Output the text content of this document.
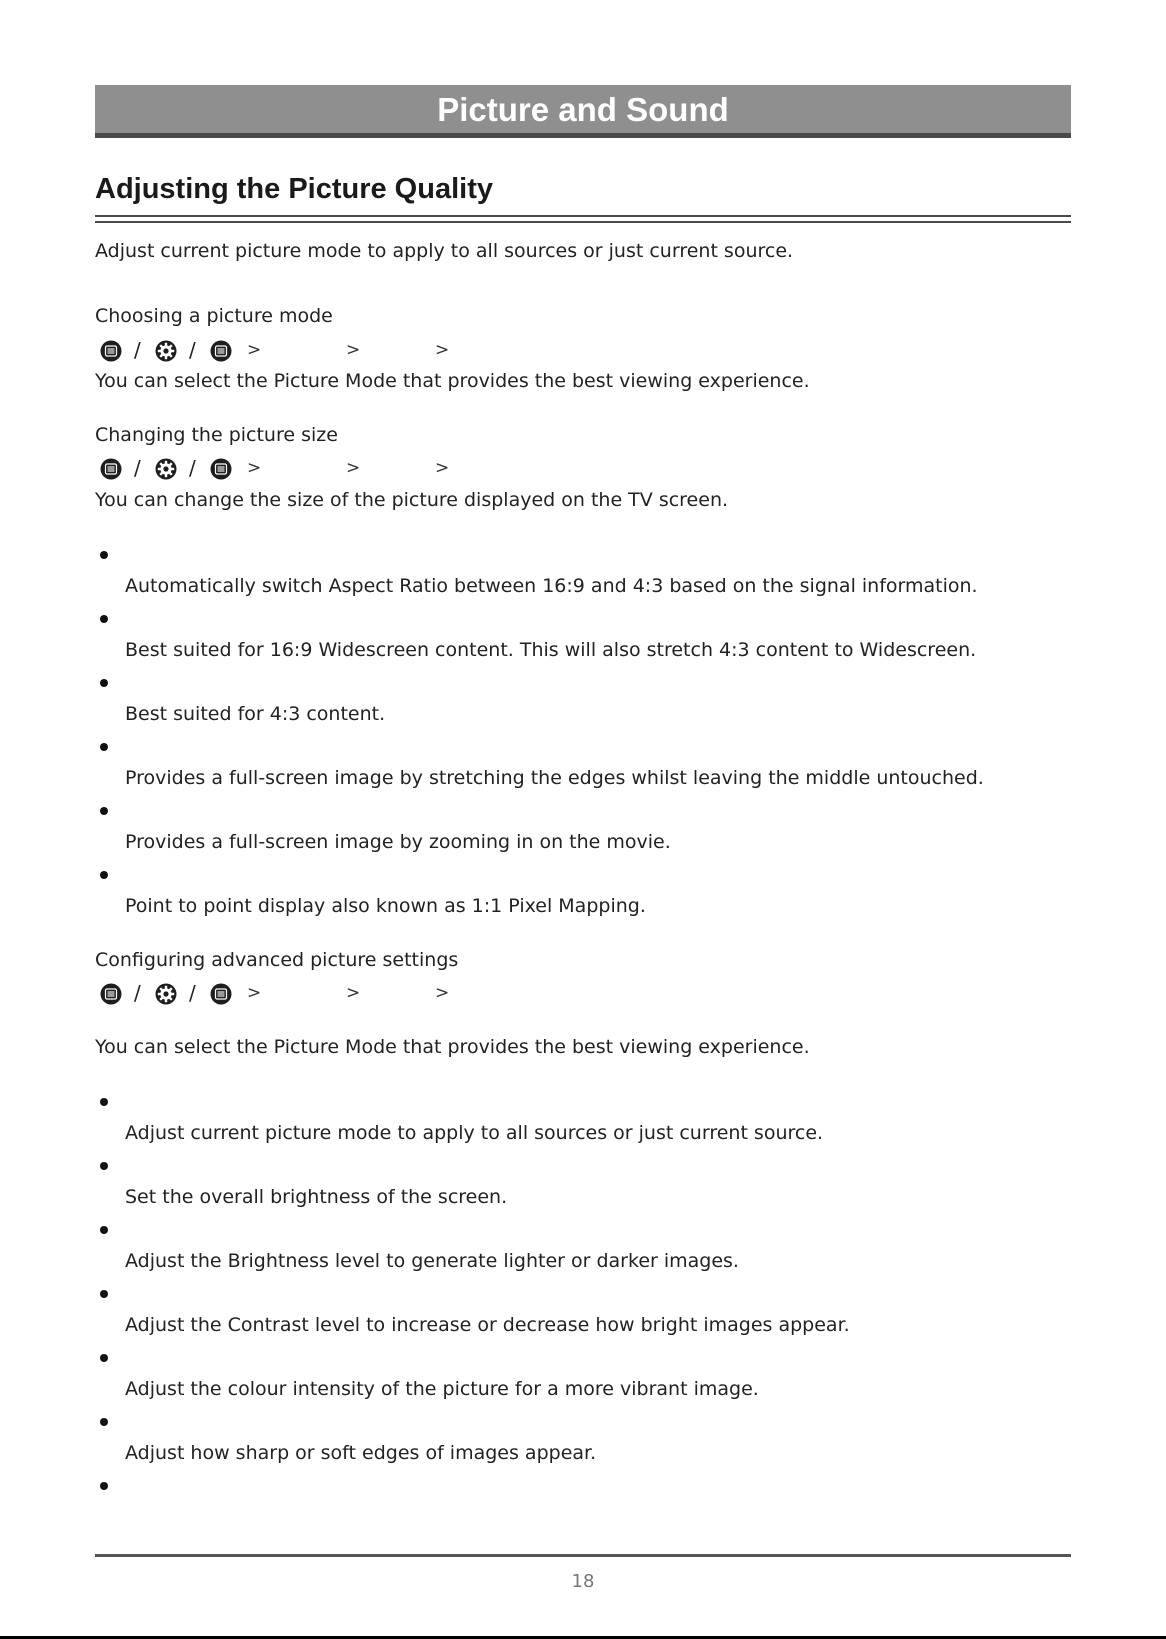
Picture and Sound
Adjusting the Picture Quality
Adjust current picture mode to apply to all sources or just current source.
Choosing a picture mode
/ /	>	>	>
You can select the Picture Mode that provides the best viewing experience.
Changing the picture size
/ /	>	>	>
You can change the size of the picture displayed on the TV screen.
Automatically switch Aspect Ratio between 16:9 and 4:3 based on the signal information.
Best suited for 16:9 Widescreen content. This will also stretch 4:3 content to Widescreen.
Best suited for 4:3 content.
Provides a full-screen image by stretching the edges whilst leaving the middle untouched.
Provides a full-screen image by zooming in on the movie.
Point to point display also known as 1:1 Pixel Mapping.
Configuring advanced picture settings
/ /	>	>	>
You can select the Picture Mode that provides the best viewing experience.
Adjust current picture mode to apply to all sources or just current source.
Set the overall brightness of the screen.
Adjust the Brightness level to generate lighter or darker images.
Adjust the Contrast level to increase or decrease how bright images appear.
Adjust the colour intensity of the picture for a more vibrant image.
Adjust how sharp or soft edges of images appear.
18
